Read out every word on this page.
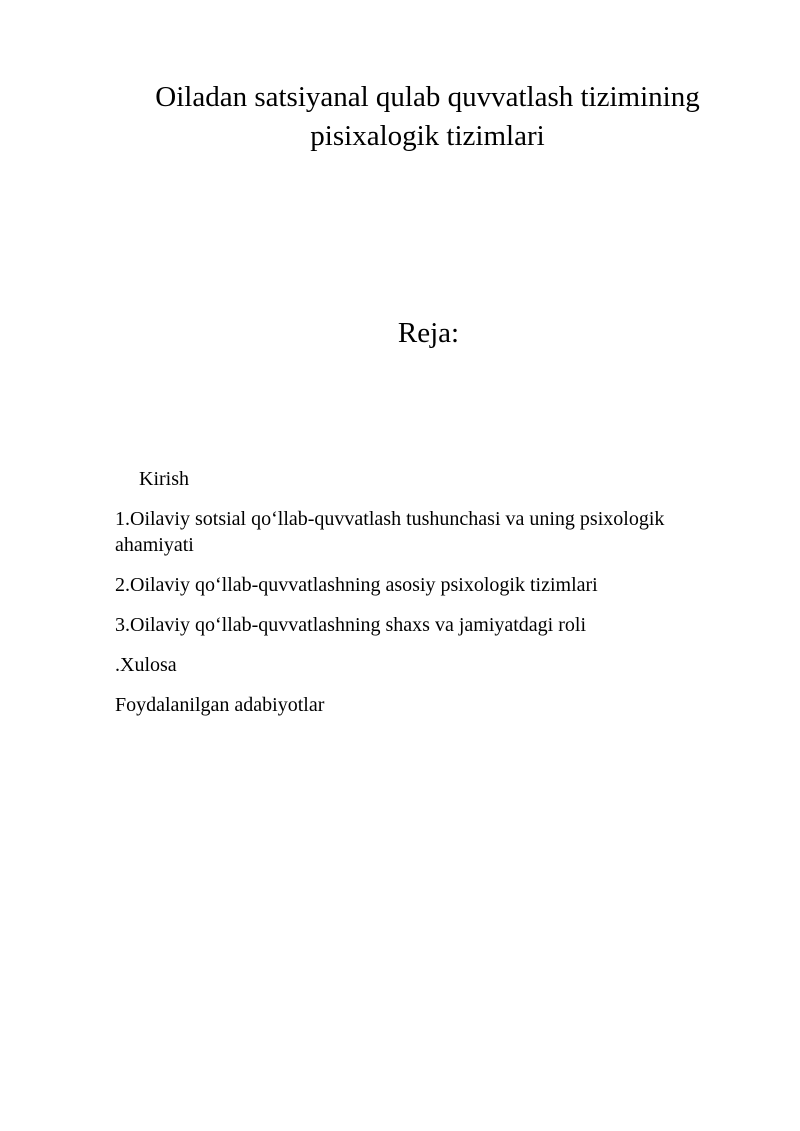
Oiladan satsiyanal qulab quvvatlash tizimining
pisixalogik tizimlari
Reja:
Kirish
1.Oilaviy sotsial qo‘llab-quvvatlash tushunchasi va uning psixologik ahamiyati
2.Oilaviy qo‘llab-quvvatlashning asosiy psixologik tizimlari
3.Oilaviy qo‘llab-quvvatlashning shaxs va jamiyatdagi roli
.Xulosa
Foydalanilgan adabiyotlar
